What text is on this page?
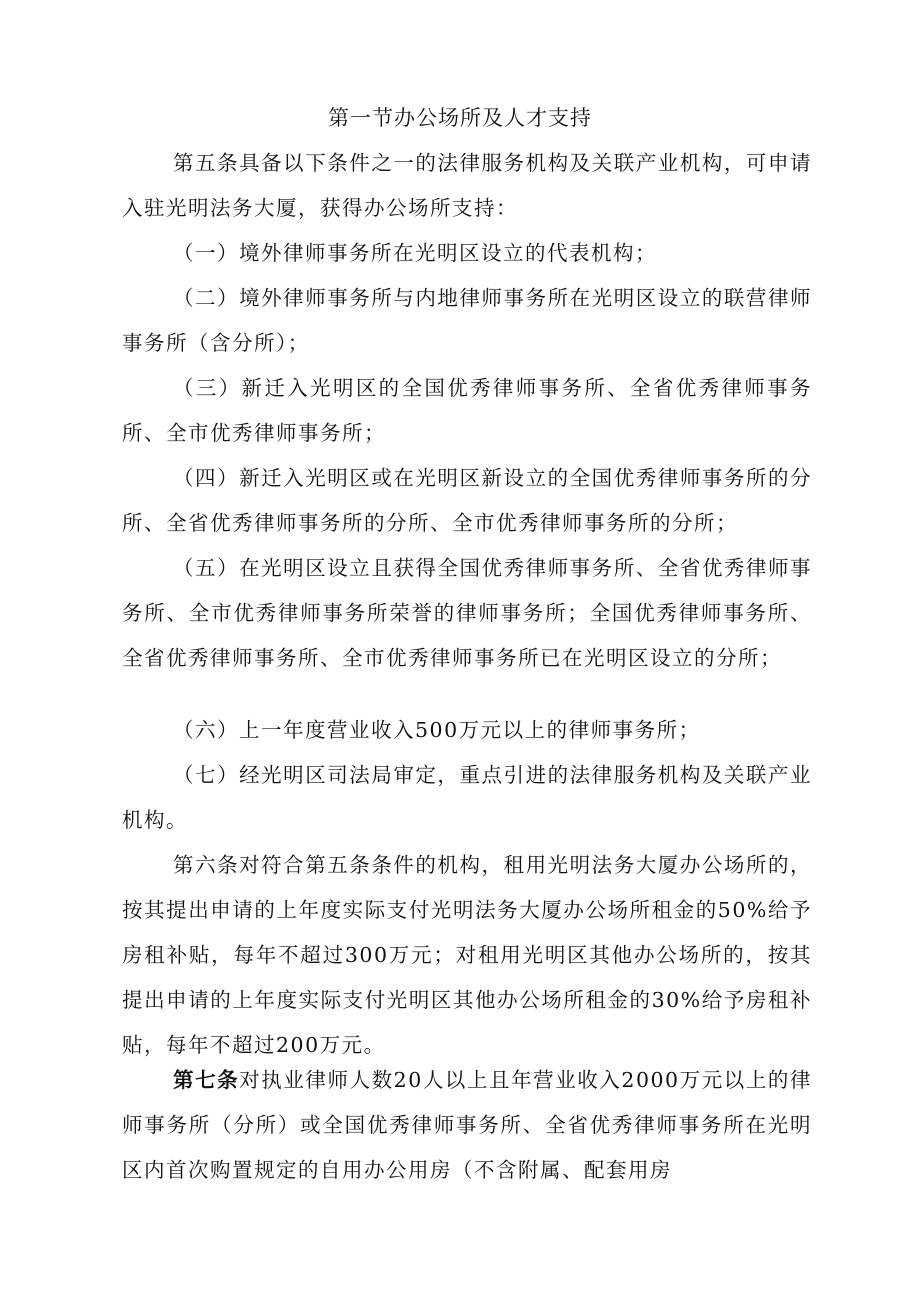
第一节办公场所及人才支持

第五条具备以下条件之一的法律服务机构及关联产业机构，可申请入驻光明法务大厦，获得办公场所支持：

（一）境外律师事务所在光明区设立的代表机构；

（二）境外律师事务所与内地律师事务所在光明区设立的联营律师事务所（含分所）；

（三）新迁入光明区的全国优秀律师事务所、全省优秀律师事务所、全市优秀律师事务所；

（四）新迁入光明区或在光明区新设立的全国优秀律师事务所的分所、全省优秀律师事务所的分所、全市优秀律师事务所的分所；

（五）在光明区设立且获得全国优秀律师事务所、全省优秀律师事务所、全市优秀律师事务所荣誉的律师事务所；全国优秀律师事务所、全省优秀律师事务所、全市优秀律师事务所已在光明区设立的分所；

（六）上一年度营业收入500万元以上的律师事务所；

（七）经光明区司法局审定，重点引进的法律服务机构及关联产业机构。

第六条对符合第五条条件的机构，租用光明法务大厦办公场所的，按其提出申请的上年度实际支付光明法务大厦办公场所租金的50%给予房租补贴，每年不超过300万元；对租用光明区其他办公场所的，按其提出申请的上年度实际支付光明区其他办公场所租金的30%给予房租补贴，每年不超过200万元。

第七条对执业律师人数20人以上且年营业收入2000万元以上的律师事务所（分所）或全国优秀律师事务所、全省优秀律师事务所在光明区内首次购置规定的自用办公用房（不含附属、配套用房
